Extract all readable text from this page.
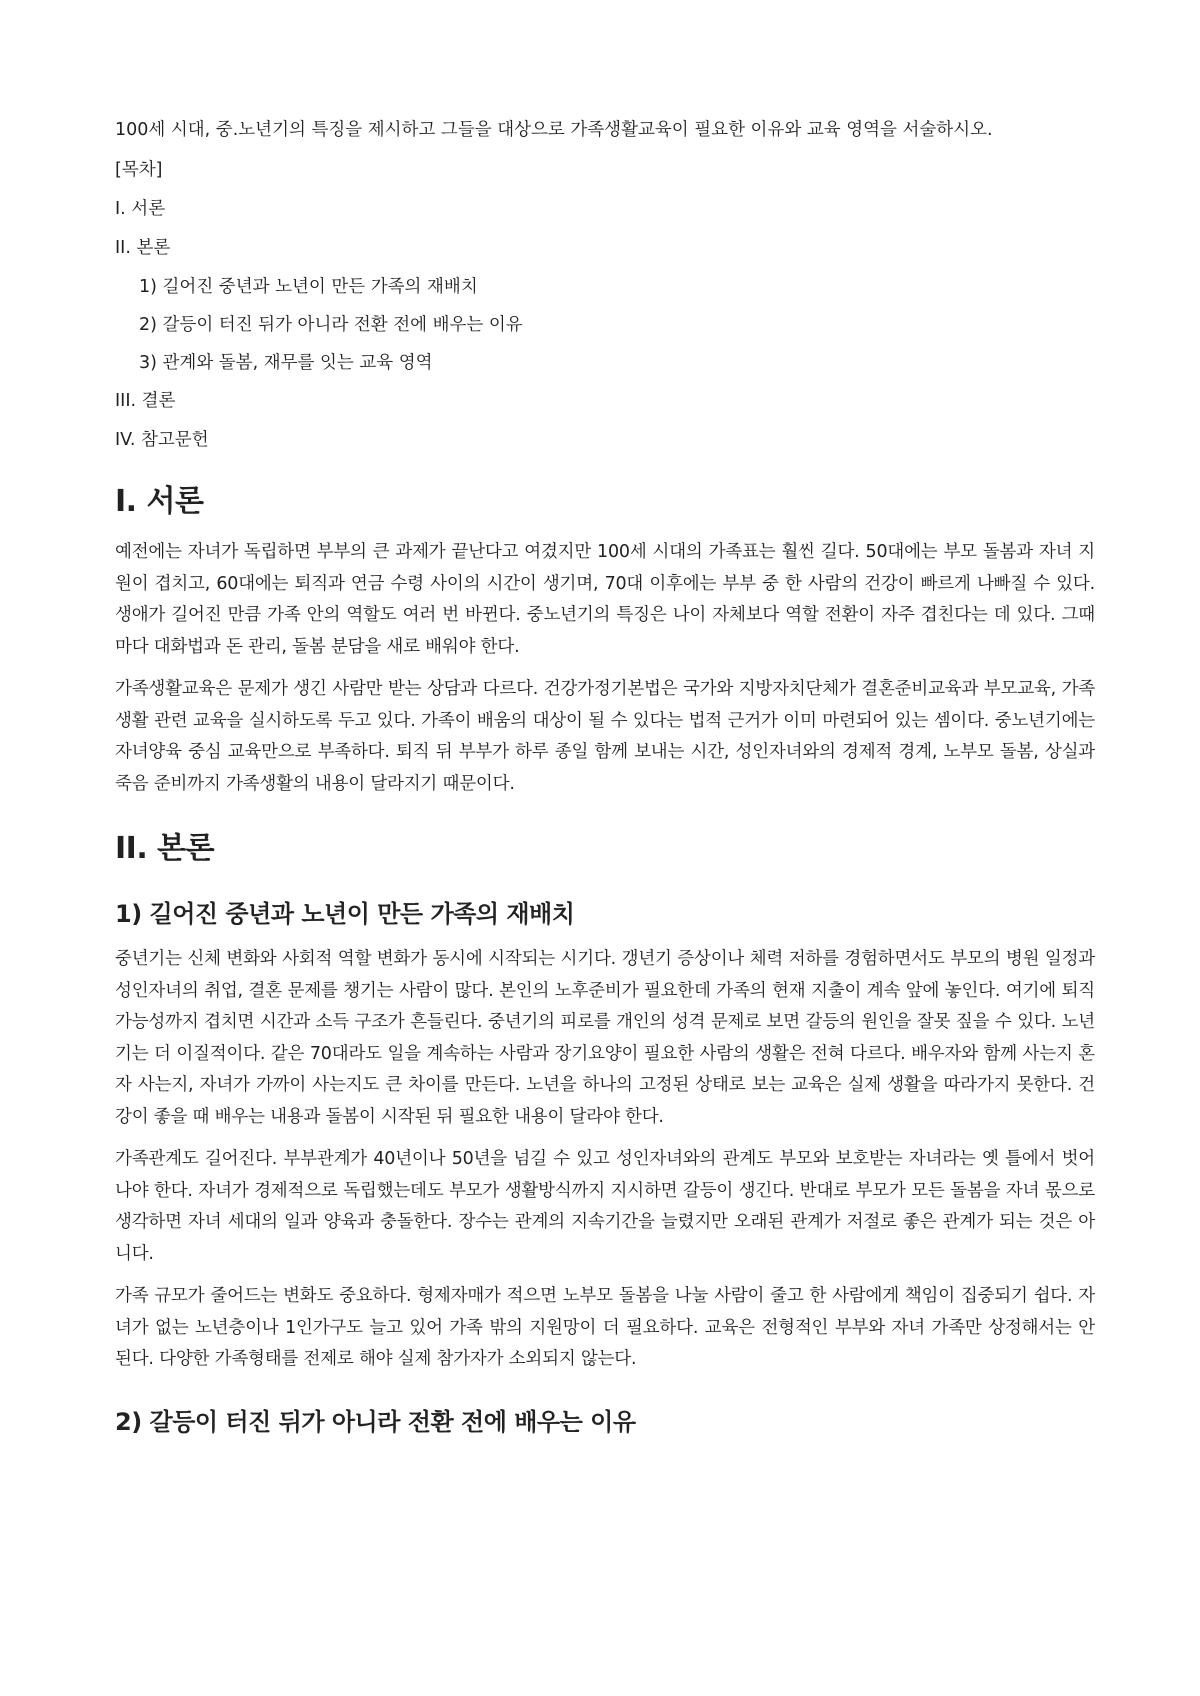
100세 시대, 중.노년기의 특징을 제시하고 그들을 대상으로 가족생활교육이 필요한 이유와 교육 영역을 서술하시오.

[목차]

I. 서론

II. 본론

1) 길어진 중년과 노년이 만든 가족의 재배치

2) 갈등이 터진 뒤가 아니라 전환 전에 배우는 이유

3) 관계와 돌봄, 재무를 잇는 교육 영역

III. 결론

IV. 참고문헌

I. 서론

예전에는 자녀가 독립하면 부부의 큰 과제가 끝난다고 여겼지만 100세 시대의 가족표는 훨씬 길다. 50대에는 부모 돌봄과 자녀 지원이 겹치고, 60대에는 퇴직과 연금 수령 사이의 시간이 생기며, 70대 이후에는 부부 중 한 사람의 건강이 빠르게 나빠질 수 있다. 생애가 길어진 만큼 가족 안의 역할도 여러 번 바뀐다. 중노년기의 특징은 나이 자체보다 역할 전환이 자주 겹친다는 데 있다. 그때마다 대화법과 돈 관리, 돌봄 분담을 새로 배워야 한다.

가족생활교육은 문제가 생긴 사람만 받는 상담과 다르다. 건강가정기본법은 국가와 지방자치단체가 결혼준비교육과 부모교육, 가족생활 관련 교육을 실시하도록 두고 있다. 가족이 배움의 대상이 될 수 있다는 법적 근거가 이미 마련되어 있는 셈이다. 중노년기에는 자녀양육 중심 교육만으로 부족하다. 퇴직 뒤 부부가 하루 종일 함께 보내는 시간, 성인자녀와의 경제적 경계, 노부모 돌봄, 상실과 죽음 준비까지 가족생활의 내용이 달라지기 때문이다.

II. 본론
1) 길어진 중년과 노년이 만든 가족의 재배치

중년기는 신체 변화와 사회적 역할 변화가 동시에 시작되는 시기다. 갱년기 증상이나 체력 저하를 경험하면서도 부모의 병원 일정과 성인자녀의 취업, 결혼 문제를 챙기는 사람이 많다. 본인의 노후준비가 필요한데 가족의 현재 지출이 계속 앞에 놓인다. 여기에 퇴직 가능성까지 겹치면 시간과 소득 구조가 흔들린다. 중년기의 피로를 개인의 성격 문제로 보면 갈등의 원인을 잘못 짚을 수 있다. 노년기는 더 이질적이다. 같은 70대라도 일을 계속하는 사람과 장기요양이 필요한 사람의 생활은 전혀 다르다. 배우자와 함께 사는지 혼자 사는지, 자녀가 가까이 사는지도 큰 차이를 만든다. 노년을 하나의 고정된 상태로 보는 교육은 실제 생활을 따라가지 못한다. 건강이 좋을 때 배우는 내용과 돌봄이 시작된 뒤 필요한 내용이 달라야 한다.

가족관계도 길어진다. 부부관계가 40년이나 50년을 넘길 수 있고 성인자녀와의 관계도 부모와 보호받는 자녀라는 옛 틀에서 벗어나야 한다. 자녀가 경제적으로 독립했는데도 부모가 생활방식까지 지시하면 갈등이 생긴다. 반대로 부모가 모든 돌봄을 자녀 몫으로 생각하면 자녀 세대의 일과 양육과 충돌한다. 장수는 관계의 지속기간을 늘렸지만 오래된 관계가 저절로 좋은 관계가 되는 것은 아니다.

가족 규모가 줄어드는 변화도 중요하다. 형제자매가 적으면 노부모 돌봄을 나눌 사람이 줄고 한 사람에게 책임이 집중되기 쉽다. 자녀가 없는 노년층이나 1인가구도 늘고 있어 가족 밖의 지원망이 더 필요하다. 교육은 전형적인 부부와 자녀 가족만 상정해서는 안 된다. 다양한 가족형태를 전제로 해야 실제 참가자가 소외되지 않는다.

2) 갈등이 터진 뒤가 아니라 전환 전에 배우는 이유
